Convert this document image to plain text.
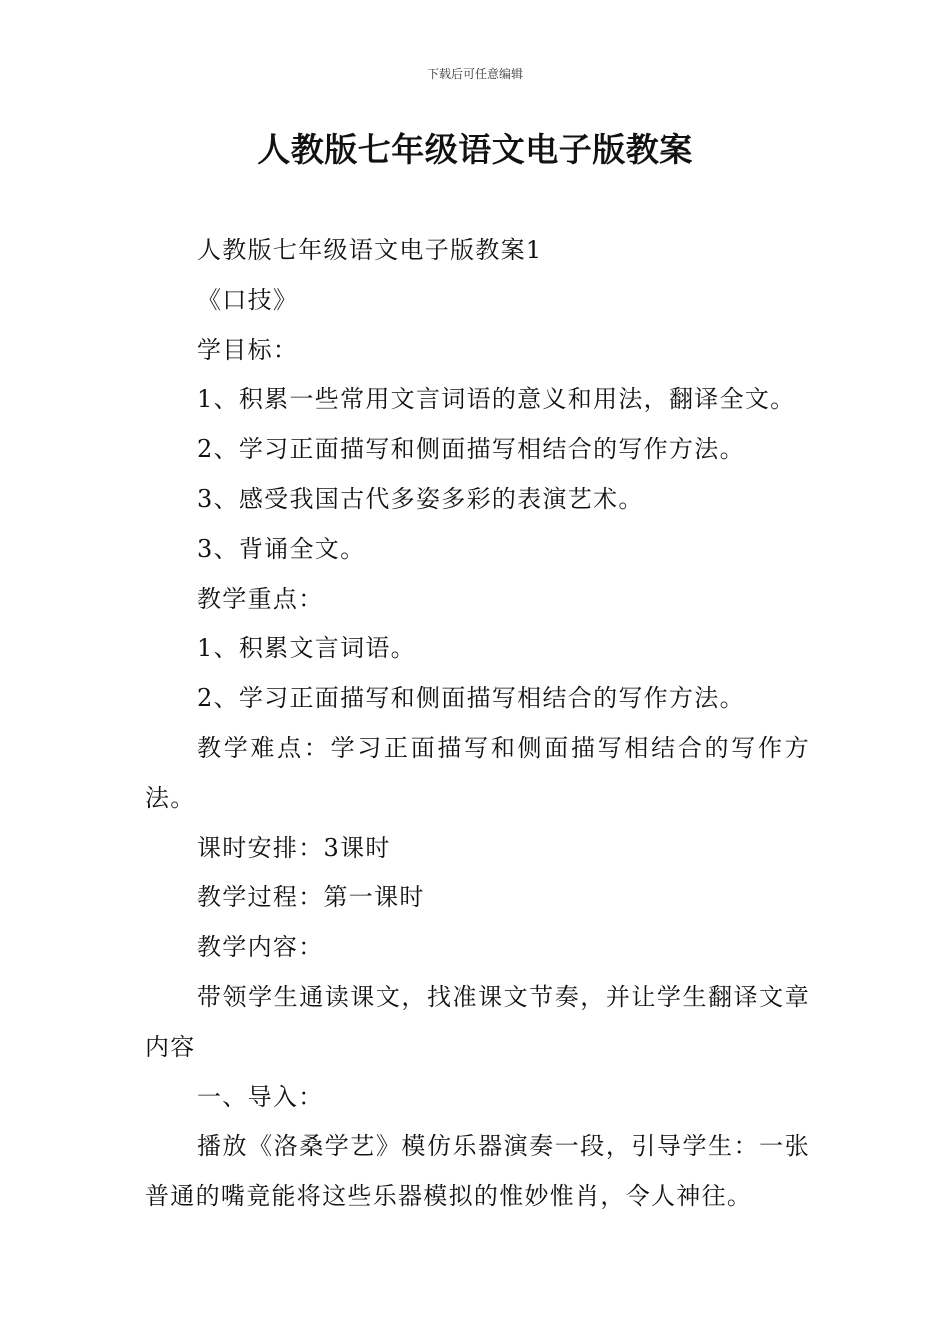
下载后可任意编辑
人教版七年级语文电子版教案

人教版七年级语文电子版教案1

《口技》

学目标：

1、积累一些常用文言词语的意义和用法，翻译全文。

2、学习正面描写和侧面描写相结合的写作方法。

3、感受我国古代多姿多彩的表演艺术。

3、背诵全文。

教学重点：

1、积累文言词语。

2、学习正面描写和侧面描写相结合的写作方法。

教学难点：学习正面描写和侧面描写相结合的写作方法。

课时安排：3课时

教学过程：第一课时

教学内容：

带领学生通读课文，找准课文节奏，并让学生翻译文章内容

一、导入：

播放《洛桑学艺》模仿乐器演奏一段，引导学生：一张普通的嘴竟能将这些乐器模拟的惟妙惟肖，令人神往。
